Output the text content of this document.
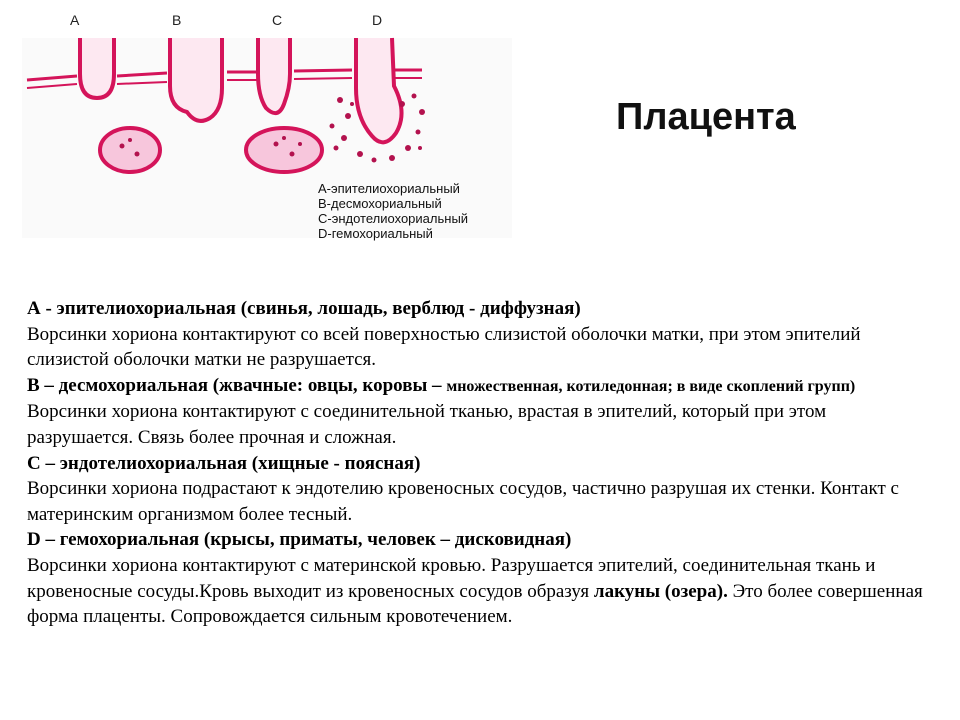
A	B	C	D
A-эпителиохориальный
B-десмохориальный
C-эндотелиохориальный
D-гемохориальный
Плацента

А - эпителиохориальная (свинья, лошадь, верблюд - диффузная)

Ворсинки хориона контактируют со всей поверхностью слизистой оболочки матки, при этом эпителий слизистой оболочки матки не разрушается.

B – десмохориальная (жвачные: овцы, коровы – множественная, котиледонная; в виде скоплений групп)

Ворсинки хориона контактируют с соединительной тканью, врастая в эпителий, который при этом разрушается. Связь более прочная и сложная.

С – эндотелиохориальная (хищные - поясная)

Ворсинки хориона подрастают к эндотелию кровеносных сосудов, частично разрушая их стенки. Контакт с материнским организмом более тесный.

D – гемохориальная (крысы, приматы, человек – дисковидная)

Ворсинки хориона контактируют с материнской кровью. Разрушается эпителий, соединительная ткань и кровеносные сосуды.Кровь выходит из кровеносных сосудов образуя лакуны (озера). Это более совершенная форма плаценты. Сопровождается сильным кровотечением.
